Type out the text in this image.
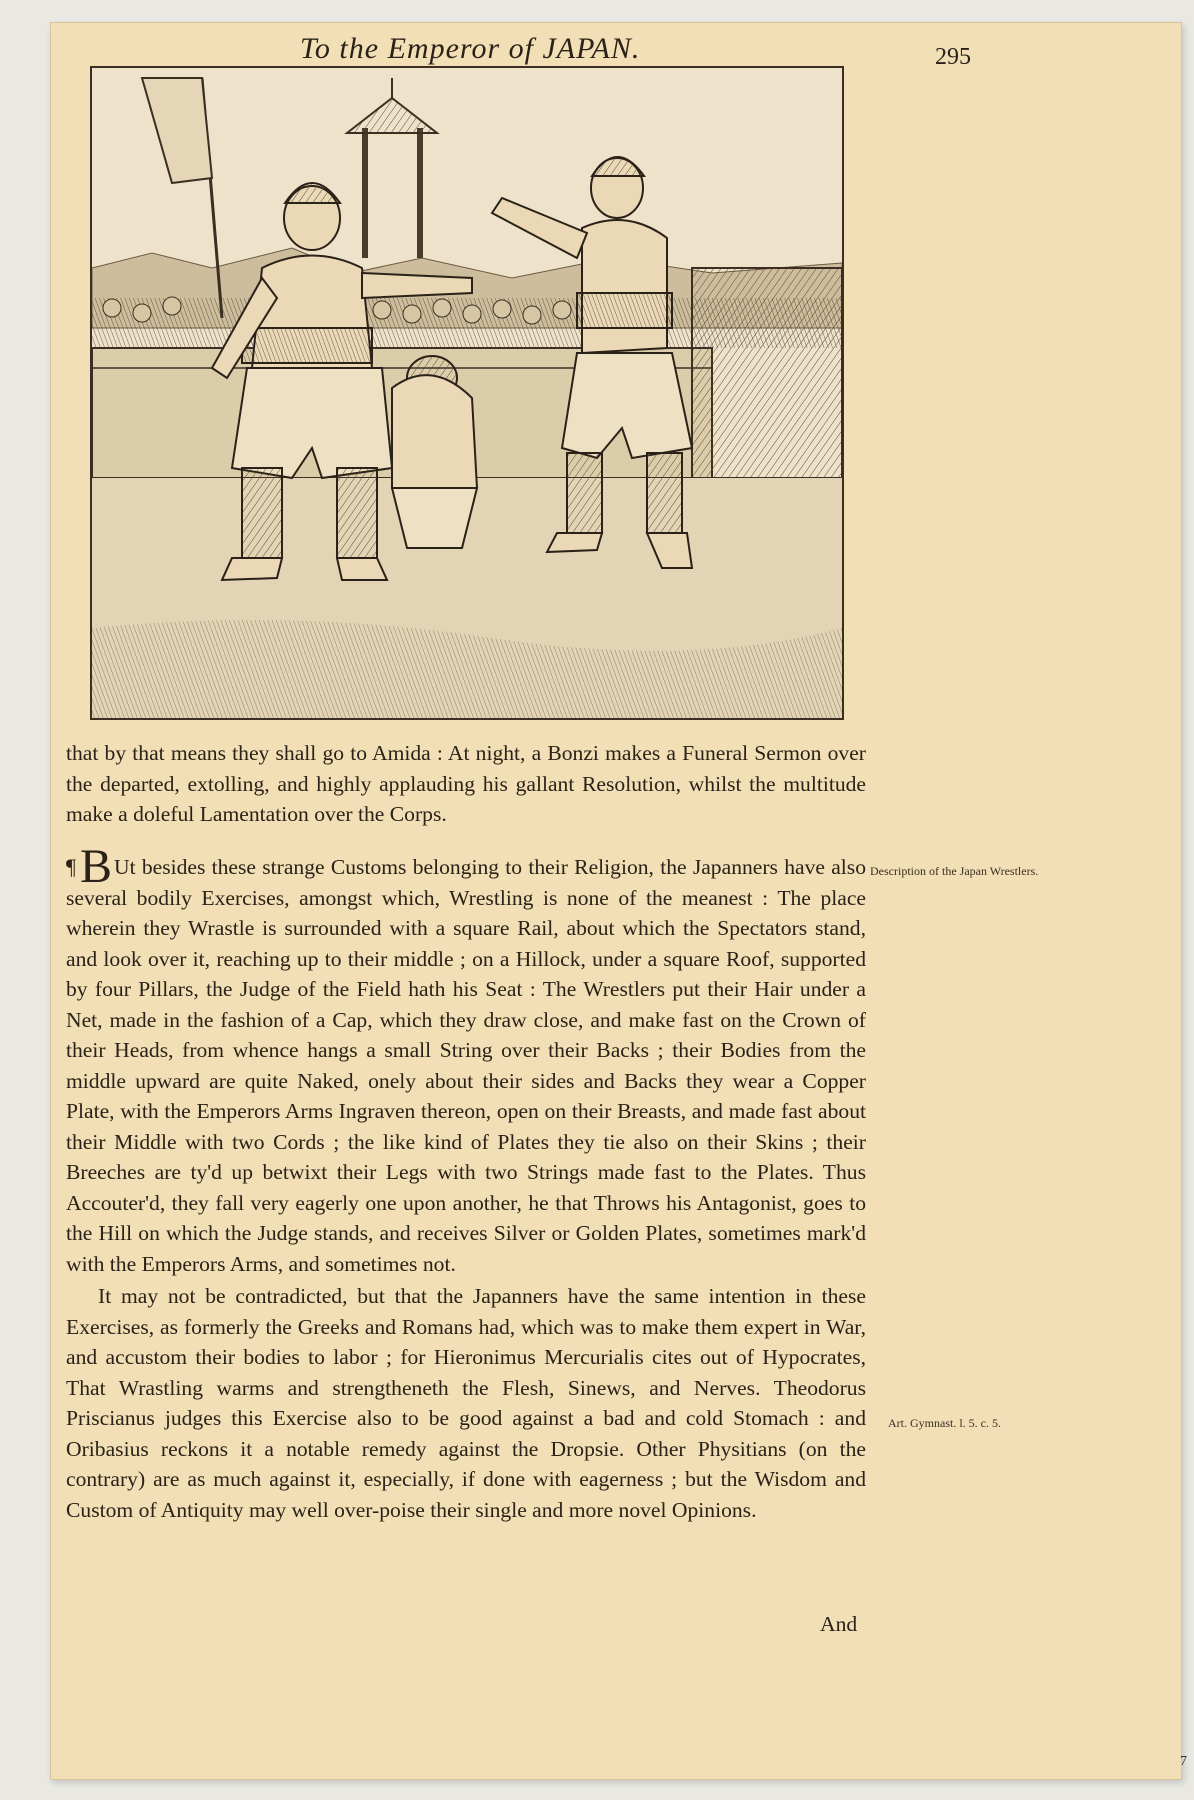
To the Emperor of JAPAN.	295

that by that means they shall go to Amida : At night, a Bonzi makes a Funeral Sermon over the departed, extolling, and highly applauding his gallant Resolution, whilst the multitude make a doleful Lamentation over the Corps.

¶BUt besides these strange Customs belonging to their Religion, the Japanners have also several bodily Exercises, amongst which, Wrestling is none of the meanest : The place wherein they Wrastle is surrounded with a square Rail, about which the Spectators stand, and look over it, reaching up to their middle ; on a Hillock, under a square Roof, supported by four Pillars, the Judge of the Field hath his Seat : The Wrestlers put their Hair under a Net, made in the fashion of a Cap, which they draw close, and make fast on the Crown of their Heads, from whence hangs a small String over their Backs ; their Bodies from the middle upward are quite Naked, onely about their sides and Backs they wear a Copper Plate, with the Emperors Arms Ingraven thereon, open on their Breasts, and made fast about their Middle with two Cords ; the like kind of Plates they tie also on their Skins ; their Breeches are ty'd up betwixt their Legs with two Strings made fast to the Plates. Thus Accouter'd, they fall very eagerly one upon another, he that Throws his Antagonist, goes to the Hill on which the Judge stands, and receives Silver or Golden Plates, sometimes mark'd with the Emperors Arms, and sometimes not.

It may not be contradicted, but that the Japanners have the same intention in these Exercises, as formerly the Greeks and Romans had, which was to make them expert in War, and accustom their bodies to labor ; for Hieronimus Mercurialis cites out of Hypocrates, That Wrastling warms and strengtheneth the Flesh, Sinews, and Nerves. Theodorus Priscianus judges this Exercise also to be good against a bad and cold Stomach : and Oribasius reckons it a notable remedy against the Dropsie. Other Physitians (on the contrary) are as much against it, especially, if done with eagerness ; but the Wisdom and Custom of Antiquity may well over-poise their single and more novel Opinions.

And
Description of the Japan Wrestlers.
Art. Gymnast. l. 5. c. 5.
7
